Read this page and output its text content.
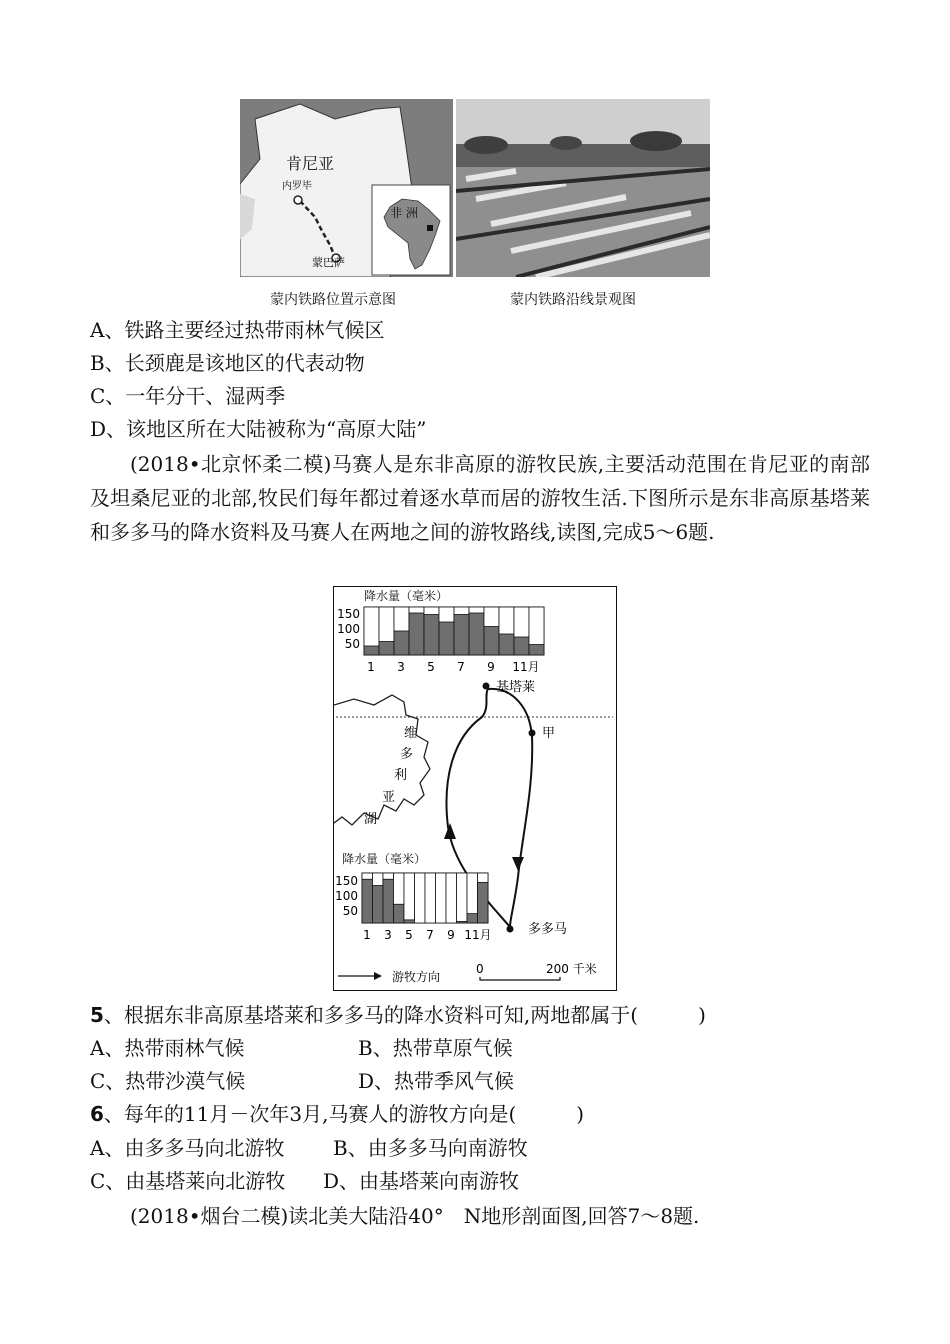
肯尼亚
内罗毕
蒙巴萨
非 洲
蒙内铁路位置示意图	蒙内铁路沿线景观图
A、铁路主要经过热带雨林气候区
B、长颈鹿是该地区的代表动物
C、一年分干、湿两季
D、该地区所在大陆被称为“高原大陆”
(2018•北京怀柔二模)马赛人是东非高原的游牧民族,主要活动范围在肯尼亚的南部及坦桑尼亚的北部,牧民们每年都过着逐水草而居的游牧生活.下图所示是东非高原基塔莱和多多马的降水资料及马赛人在两地之间的游牧路线,读图,完成5～6题.
降水量（毫米）
150
100
50
1 3 5 7 9 11月
维
多
利
亚
湖
基塔莱
甲
多多马
降水量（毫米）
150
100
50
1 3 5 7 9 11月
游牧方向
0	200 千米
5、根据东非高原基塔莱和多多马的降水资料可知,两地都属于(　　　)
A、热带雨林气候	B、热带草原气候
C、热带沙漠气候	D、热带季风气候
6、每年的11月－次年3月,马赛人的游牧方向是(　　　)
A、由多多马向北游牧 B、由多多马向南游牧
C、由基塔莱向北游牧 D、由基塔莱向南游牧
(2018•烟台二模)读北美大陆沿40°　N地形剖面图,回答7～8题.
